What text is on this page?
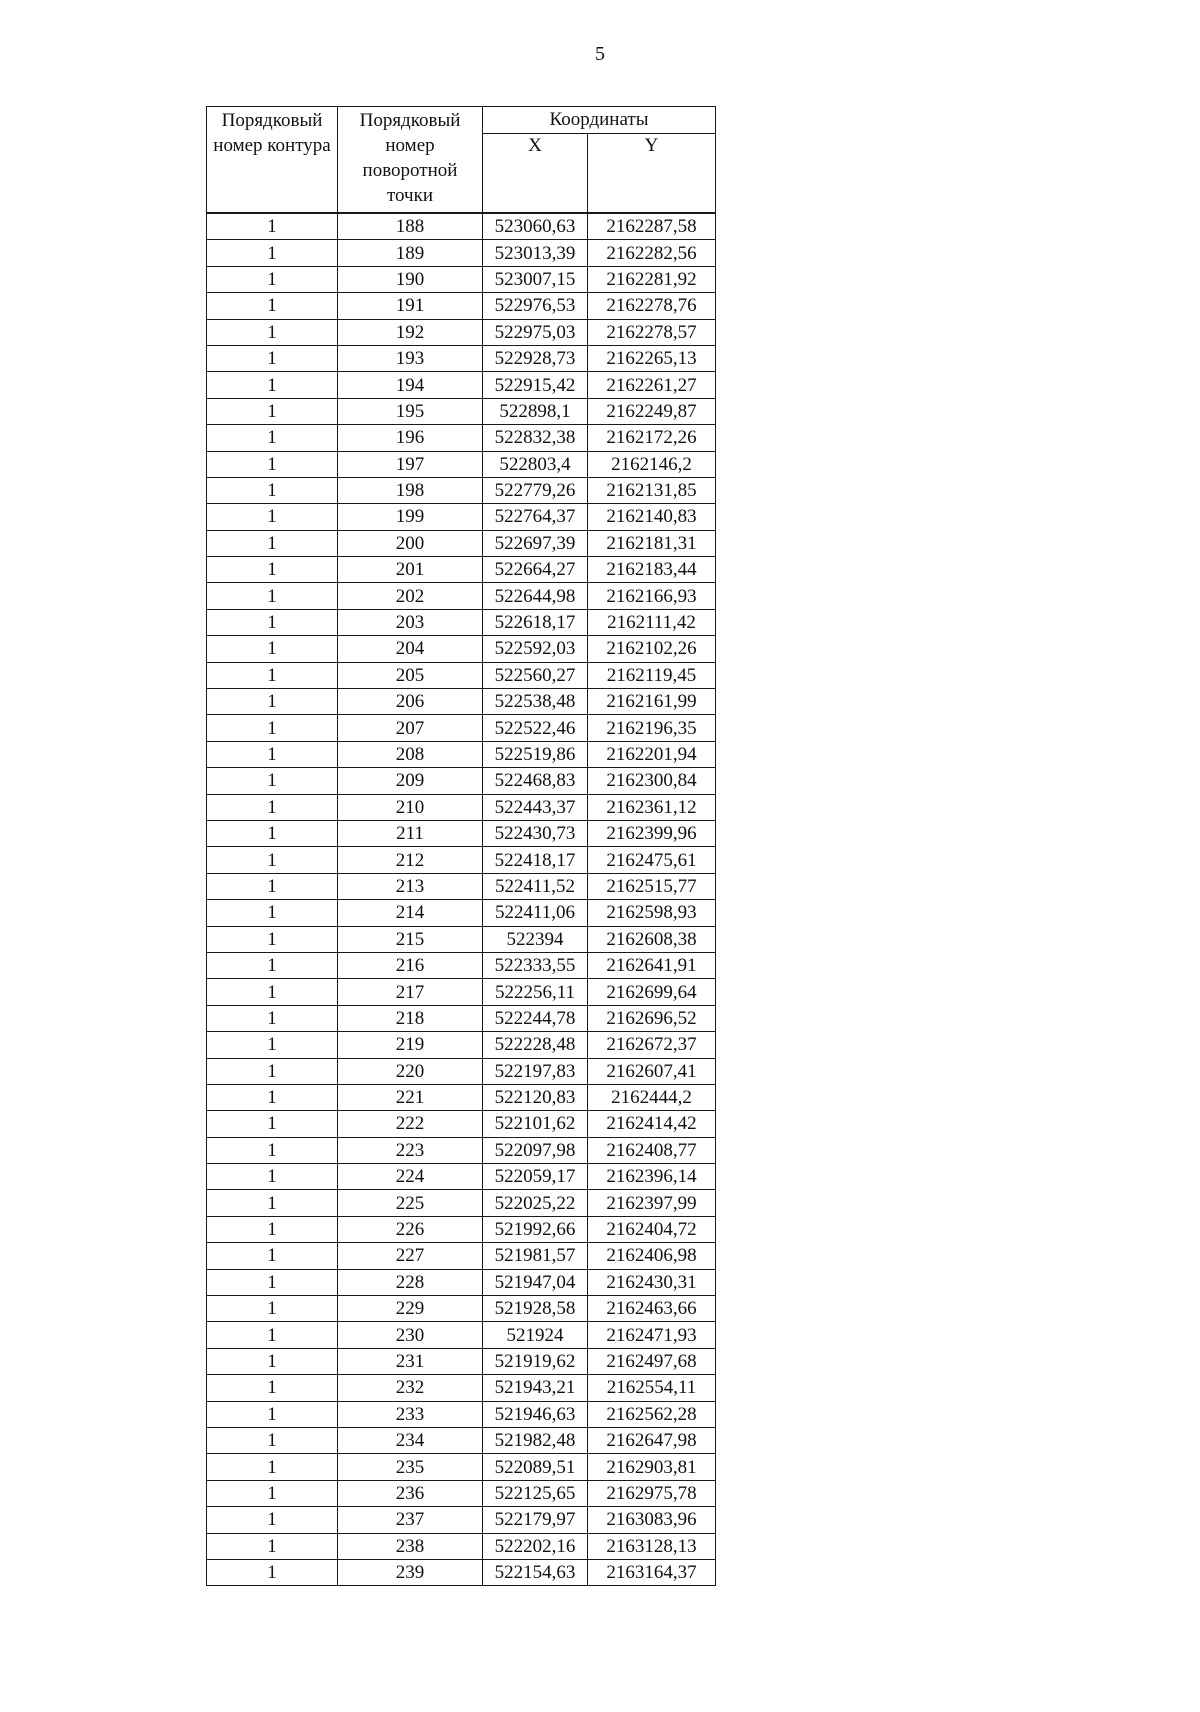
5
Порядковый номер контура	Порядковый номер поворотной точки	Координаты	
		X	Y
1	188	523060,63	2162287,58
1	189	523013,39	2162282,56
1	190	523007,15	2162281,92
1	191	522976,53	2162278,76
1	192	522975,03	2162278,57
1	193	522928,73	2162265,13
1	194	522915,42	2162261,27
1	195	522898,1	2162249,87
1	196	522832,38	2162172,26
1	197	522803,4	2162146,2
1	198	522779,26	2162131,85
1	199	522764,37	2162140,83
1	200	522697,39	2162181,31
1	201	522664,27	2162183,44
1	202	522644,98	2162166,93
1	203	522618,17	2162111,42
1	204	522592,03	2162102,26
1	205	522560,27	2162119,45
1	206	522538,48	2162161,99
1	207	522522,46	2162196,35
1	208	522519,86	2162201,94
1	209	522468,83	2162300,84
1	210	522443,37	2162361,12
1	211	522430,73	2162399,96
1	212	522418,17	2162475,61
1	213	522411,52	2162515,77
1	214	522411,06	2162598,93
1	215	522394	2162608,38
1	216	522333,55	2162641,91
1	217	522256,11	2162699,64
1	218	522244,78	2162696,52
1	219	522228,48	2162672,37
1	220	522197,83	2162607,41
1	221	522120,83	2162444,2
1	222	522101,62	2162414,42
1	223	522097,98	2162408,77
1	224	522059,17	2162396,14
1	225	522025,22	2162397,99
1	226	521992,66	2162404,72
1	227	521981,57	2162406,98
1	228	521947,04	2162430,31
1	229	521928,58	2162463,66
1	230	521924	2162471,93
1	231	521919,62	2162497,68
1	232	521943,21	2162554,11
1	233	521946,63	2162562,28
1	234	521982,48	2162647,98
1	235	522089,51	2162903,81
1	236	522125,65	2162975,78
1	237	522179,97	2163083,96
1	238	522202,16	2163128,13
1	239	522154,63	2163164,37
